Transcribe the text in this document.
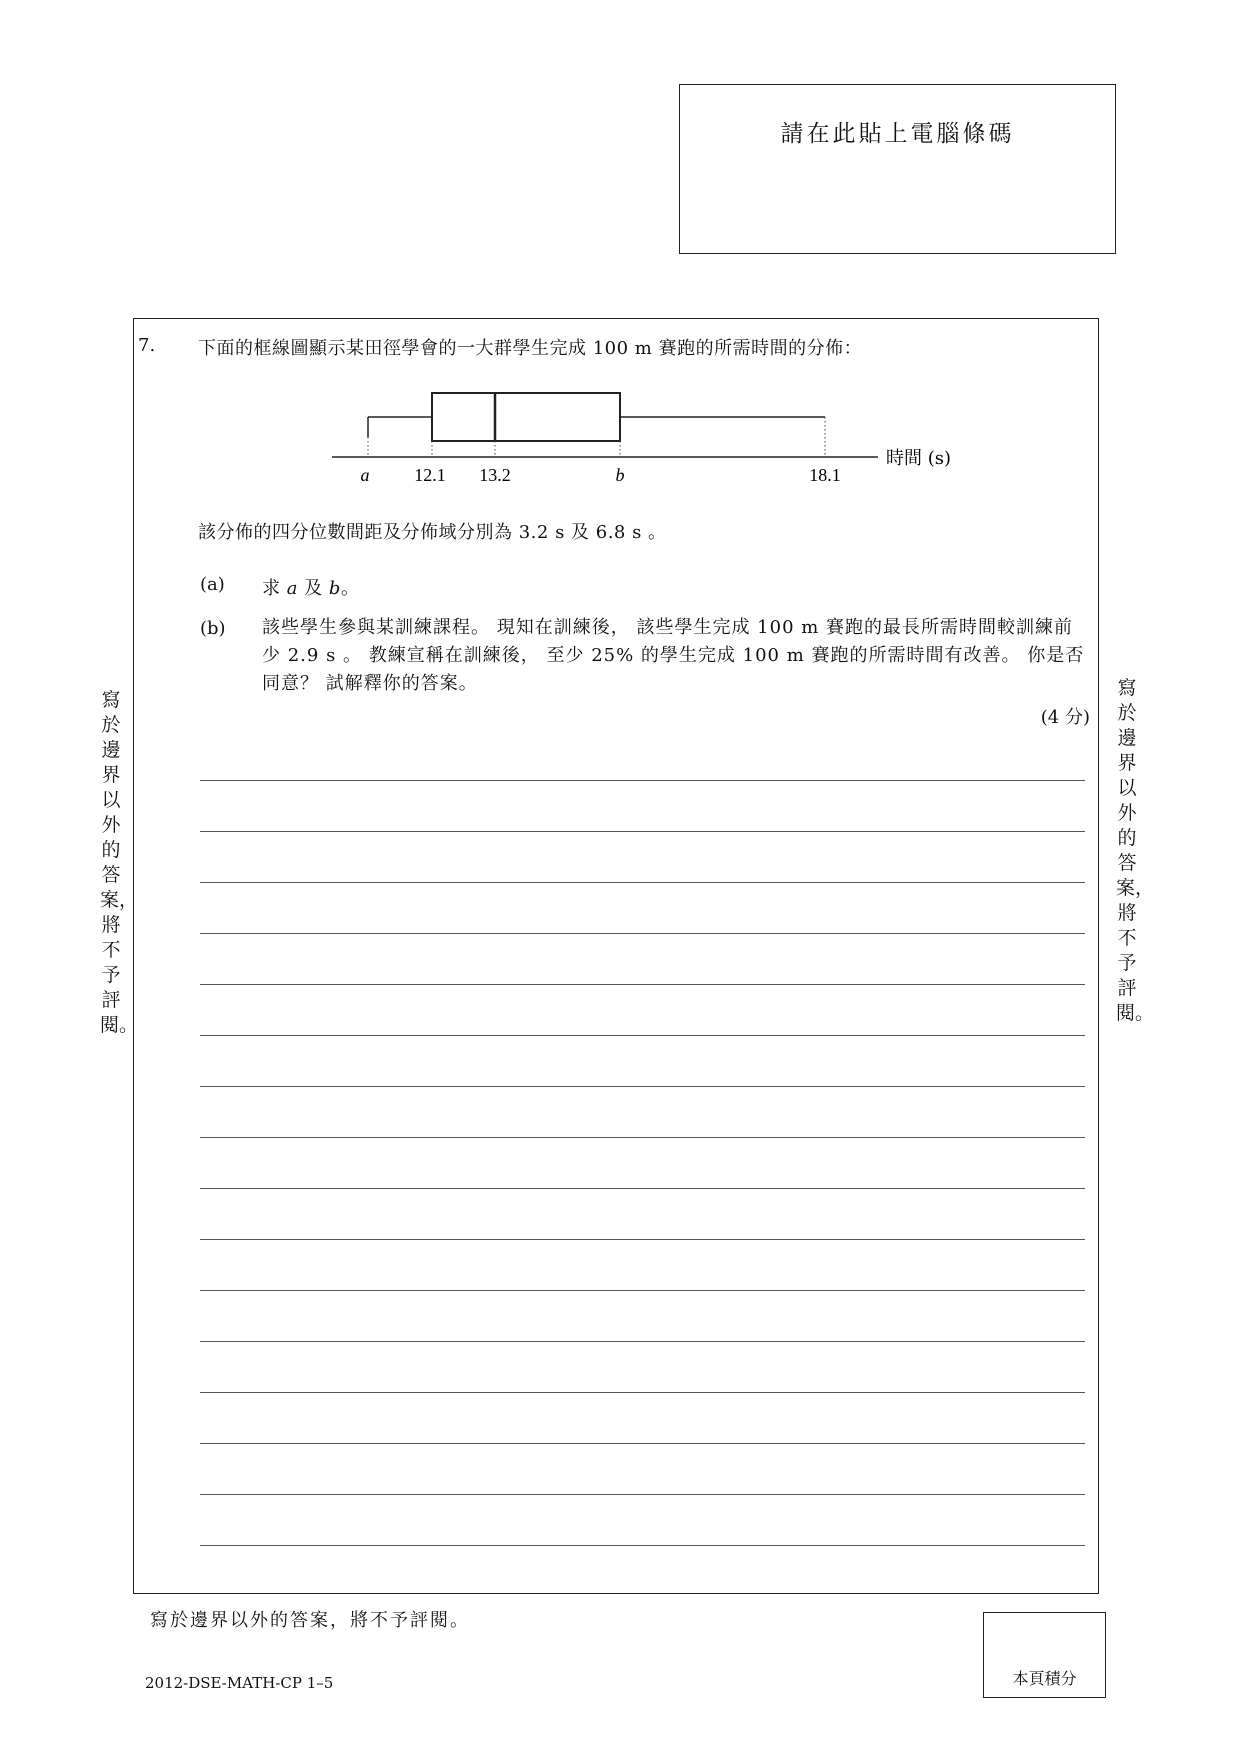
請在此貼上電腦條碼
7. 下面的框線圖顯示某田徑學會的一大群學生完成 100 m 賽跑的所需時間的分佈：
a 12.1 13.2	b	18.1
時間 (s)
該分佈的四分位數間距及分佈域分別為 3.2 s 及 6.8 s 。
(a) 求 a 及 b。
(b) 該些學生參與某訓練課程。 現知在訓練後， 該些學生完成 100 m 賽跑的最長所需時間較訓練前少 2.9 s 。 教練宣稱在訓練後， 至少 25% 的學生完成 100 m 賽跑的所需時間有改善。 你是否同意？ 試解釋你的答案。
(4 分)
寫於邊界以外的答案，將不予評閱。
寫於邊界以外的答案，將不予評閱。
寫於邊界以外的答案，將不予評閱。
本頁積分
2012-DSE-MATH-CP 1–5
